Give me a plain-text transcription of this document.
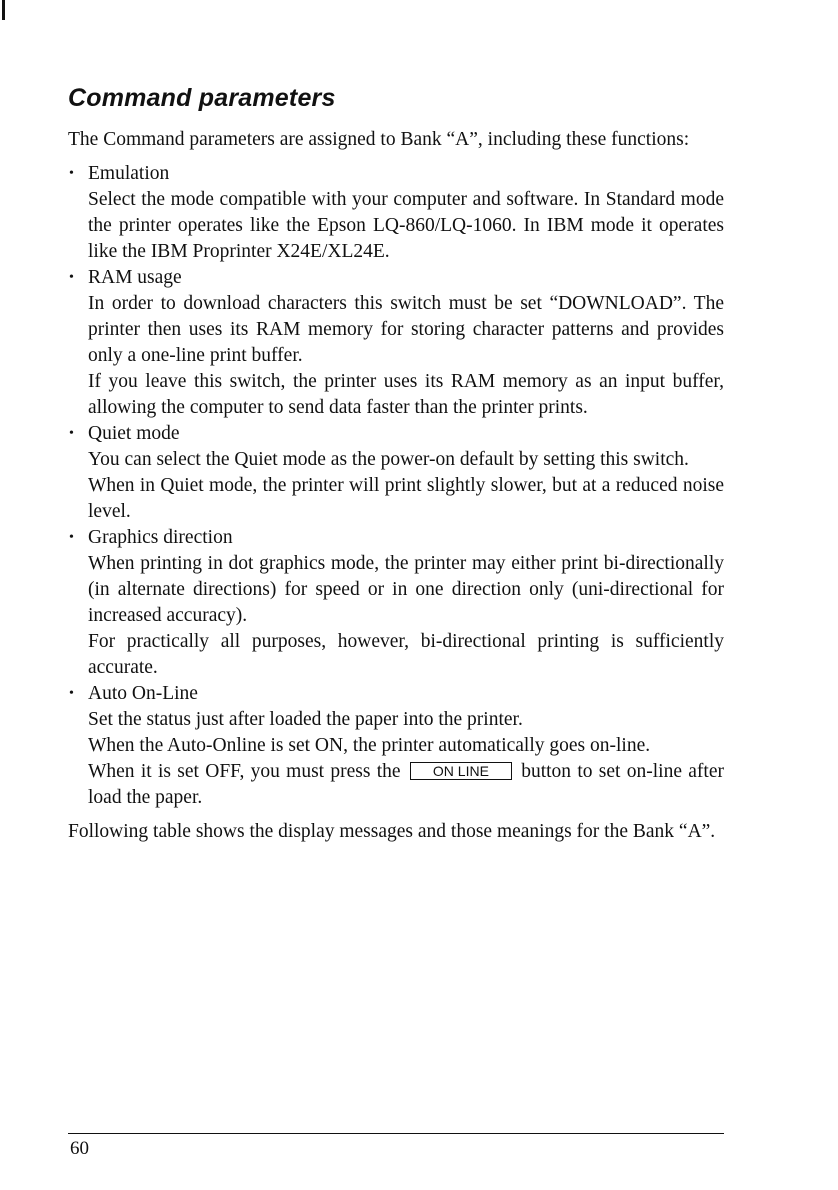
Command parameters

The Command parameters are assigned to Bank “A”, including these functions:

• Emulation
Select the mode compatible with your computer and software. In Standard mode the printer operates like the Epson LQ-860/LQ-1060. In IBM mode it operates like the IBM Proprinter X24E/XL24E.
• RAM usage
In order to download characters this switch must be set “DOWNLOAD”. The printer then uses its RAM memory for storing character patterns and provides only a one-line print buffer.
If you leave this switch, the printer uses its RAM memory as an input buffer, allowing the computer to send data faster than the printer prints.
• Quiet mode
You can select the Quiet mode as the power-on default by setting this switch.
When in Quiet mode, the printer will print slightly slower, but at a reduced noise level.
• Graphics direction
When printing in dot graphics mode, the printer may either print bi-directionally (in alternate directions) for speed or in one direction only (uni-directional for increased accuracy).
For practically all purposes, however, bi-directional printing is sufficiently accurate.
• Auto On-Line
Set the status just after loaded the paper into the printer.
When the Auto-Online is set ON, the printer automatically goes on-line.
When it is set OFF, you must press the ON LINE button to set on-line after load the paper.

Following table shows the display messages and those meanings for the Bank “A”.

60
